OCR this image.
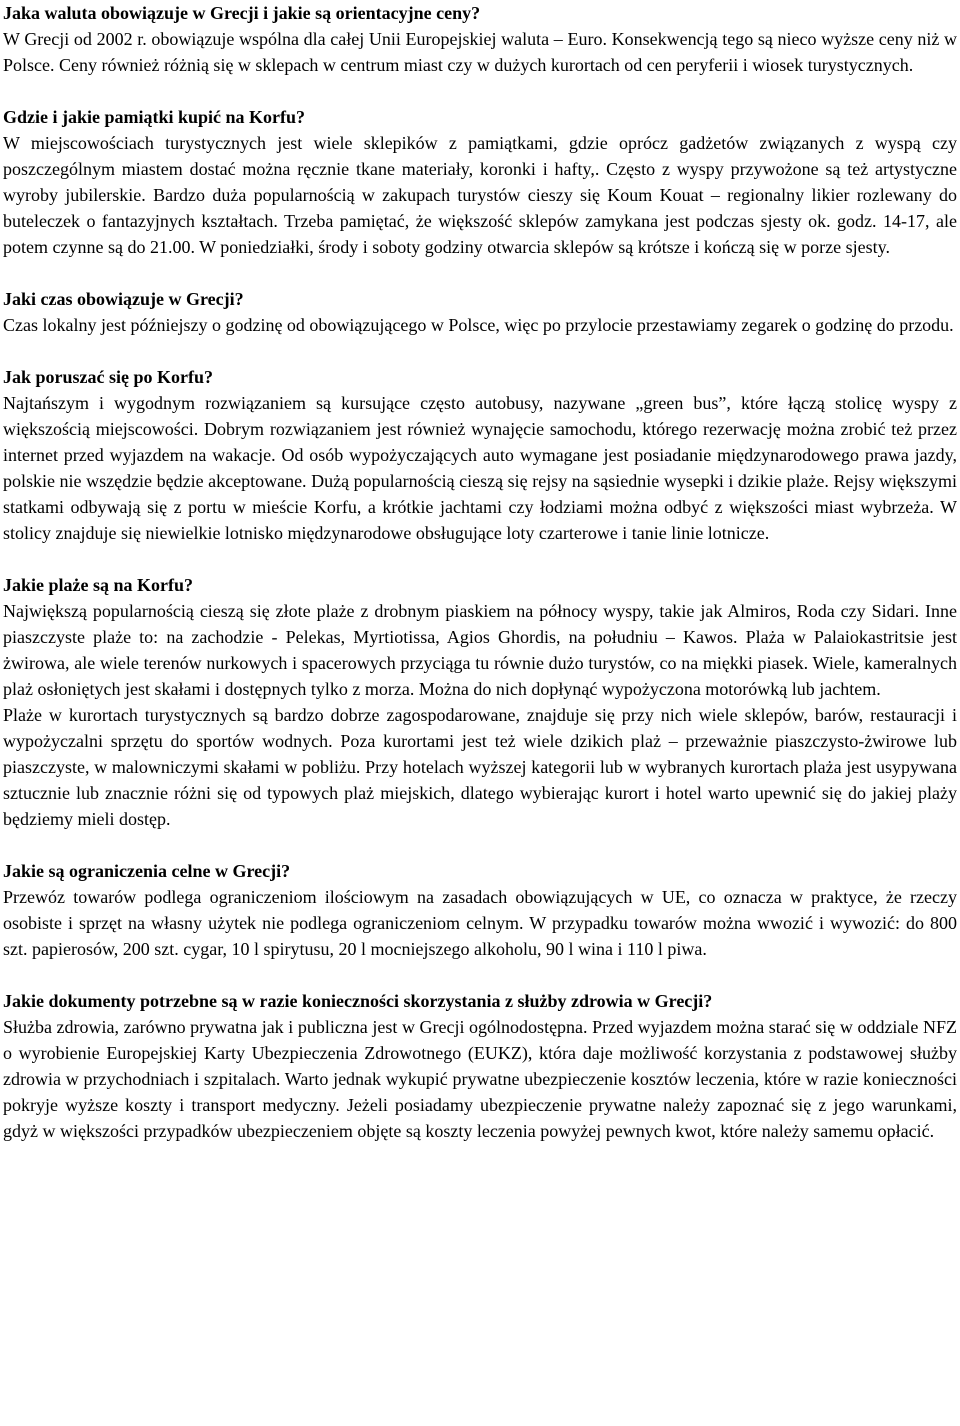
Jaka waluta obowiązuje w Grecji i jakie są orientacyjne ceny?

W Grecji od 2002 r. obowiązuje wspólna dla całej Unii Europejskiej waluta – Euro. Konsekwencją tego są nieco wyższe ceny niż w Polsce. Ceny również różnią się w sklepach w centrum miast czy w dużych kurortach od cen peryferii i wiosek turystycznych.

Gdzie i jakie pamiątki kupić na Korfu?

W miejscowościach turystycznych jest wiele sklepików z pamiątkami, gdzie oprócz gadżetów związanych z wyspą czy poszczególnym miastem dostać można ręcznie tkane materiały, koronki i hafty,. Często z wyspy przywożone są też artystyczne wyroby jubilerskie. Bardzo duża popularnością w zakupach turystów cieszy się Koum Kouat – regionalny likier rozlewany do buteleczek o fantazyjnych kształtach. Trzeba pamiętać, że większość sklepów zamykana jest podczas sjesty ok. godz. 14-17, ale potem czynne są do 21.00. W poniedziałki, środy i soboty godziny otwarcia sklepów są krótsze i kończą się w porze sjesty.

Jaki czas obowiązuje w Grecji?

Czas lokalny jest późniejszy o godzinę od obowiązującego w Polsce, więc po przylocie przestawiamy zegarek o godzinę do przodu.

Jak poruszać się po Korfu?

Najtańszym i wygodnym rozwiązaniem są kursujące często autobusy, nazywane „green bus”, które łączą stolicę wyspy z większością miejscowości. Dobrym rozwiązaniem jest również wynajęcie samochodu, którego rezerwację można zrobić też przez internet przed wyjazdem na wakacje. Od osób wypożyczających auto wymagane jest posiadanie międzynarodowego prawa jazdy, polskie nie wszędzie będzie akceptowane. Dużą popularnością cieszą się rejsy na sąsiednie wysepki i dzikie plaże. Rejsy większymi statkami odbywają się z portu w mieście Korfu, a krótkie jachtami czy łodziami można odbyć z większości miast wybrzeża. W stolicy znajduje się niewielkie lotnisko międzynarodowe obsługujące loty czarterowe i tanie linie lotnicze.

Jakie plaże są na Korfu?

Największą popularnością cieszą się złote plaże z drobnym piaskiem na północy wyspy, takie jak Almiros, Roda czy Sidari. Inne piaszczyste plaże to: na zachodzie - Pelekas, Myrtiotissa, Agios Ghordis, na południu – Kawos. Plaża w Palaiokastritsie jest żwirowa, ale wiele terenów nurkowych i spacerowych przyciąga tu równie dużo turystów, co na miękki piasek. Wiele, kameralnych plaż osłoniętych jest skałami i dostępnych tylko z morza. Można do nich dopłynąć wypożyczona motorówką lub jachtem.

Plaże w kurortach turystycznych są bardzo dobrze zagospodarowane, znajduje się przy nich wiele sklepów, barów, restauracji i wypożyczalni sprzętu do sportów wodnych. Poza kurortami jest też wiele dzikich plaż – przeważnie piaszczysto-żwirowe lub piaszczyste, w malowniczymi skałami w pobliżu. Przy hotelach wyższej kategorii lub w wybranych kurortach plaża jest usypywana sztucznie lub znacznie różni się od typowych plaż miejskich, dlatego wybierając kurort i hotel warto upewnić się do jakiej plaży będziemy mieli dostęp.

Jakie są ograniczenia celne w Grecji?

Przewóz towarów podlega ograniczeniom ilościowym na zasadach obowiązujących w UE, co oznacza w praktyce, że rzeczy osobiste i sprzęt na własny użytek nie podlega ograniczeniom celnym. W przypadku towarów można wwozić i wywozić: do 800 szt. papierosów, 200 szt. cygar, 10 l spirytusu, 20 l mocniejszego alkoholu, 90 l wina i 110 l piwa.

Jakie dokumenty potrzebne są w razie konieczności skorzystania z służby zdrowia w Grecji?

Służba zdrowia, zarówno prywatna jak i publiczna jest w Grecji ogólnodostępna. Przed wyjazdem można starać się w oddziale NFZ o wyrobienie Europejskiej Karty Ubezpieczenia Zdrowotnego (EUKZ), która daje możliwość korzystania z podstawowej służby zdrowia w przychodniach i szpitalach. Warto jednak wykupić prywatne ubezpieczenie kosztów leczenia, które w razie konieczności pokryje wyższe koszty i transport medyczny. Jeżeli posiadamy ubezpieczenie prywatne należy zapoznać się z jego warunkami, gdyż w większości przypadków ubezpieczeniem objęte są koszty leczenia powyżej pewnych kwot, które należy samemu opłacić.
